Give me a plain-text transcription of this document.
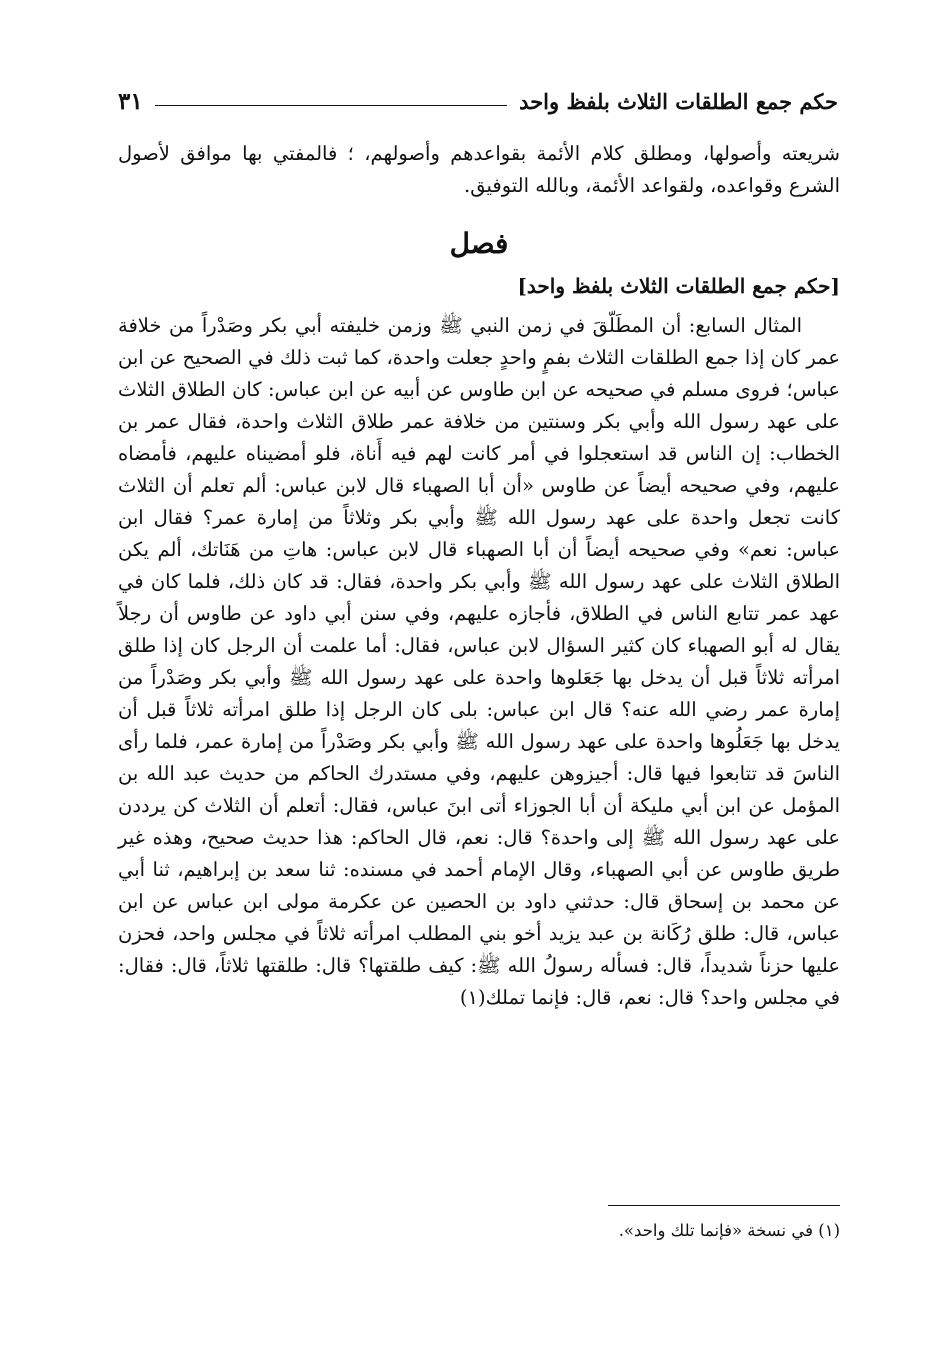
حكم جمع الطلقات الثلاث بلفظ واحد
٣١

شريعته وأصولها، ومطلق كلام الأئمة بقواعدهم وأصولهم، ؛ فالمفتي بها موافق لأصول الشرع وقواعده، ولقواعد الأئمة، وبالله التوفيق.

فصل
[حكم جمع الطلقات الثلاث بلفظ واحد]

المثال السابع: أن المطَلّقَ في زمن النبي ﷺ وزمن خليفته أبي بكر وصَدْراً من خلافة عمر كان إذا جمع الطلقات الثلاث بفمٍ واحدٍ جعلت واحدة، كما ثبت ذلك في الصحيح عن ابن عباس؛ فروى مسلم في صحيحه عن ابن طاوس عن أبيه عن ابن عباس: كان الطلاق الثلاث على عهد رسول الله وأبي بكر وسنتين من خلافة عمر طلاق الثلاث واحدة، فقال عمر بن الخطاب: إن الناس قد استعجلوا في أمر كانت لهم فيه أَناة، فلو أمضيناه عليهم، فأمضاه عليهم، وفي صحيحه أيضاً عن طاوس «أن أبا الصهباء قال لابن عباس: ألم تعلم أن الثلاث كانت تجعل واحدة على عهد رسول الله ﷺ وأبي بكر وثلاثاً من إمارة عمر؟ فقال ابن عباس: نعم» وفي صحيحه أيضاً أن أبا الصهباء قال لابن عباس: هاتِ من هَنَاتك، ألم يكن الطلاق الثلاث على عهد رسول الله ﷺ وأبي بكر واحدة، فقال: قد كان ذلك، فلما كان في عهد عمر تتابع الناس في الطلاق، فأجازه عليهم، وفي سنن أبي داود عن طاوس أن رجلاً يقال له أبو الصهباء كان كثير السؤال لابن عباس، فقال: أما علمت أن الرجل كان إذا طلق امرأته ثلاثاً قبل أن يدخل بها جَعَلوها واحدة على عهد رسول الله ﷺ وأبي بكر وصَدْراً من إمارة عمر رضي الله عنه؟ قال ابن عباس: بلى كان الرجل إذا طلق امرأته ثلاثاً قبل أن يدخل بها جَعَلُوها واحدة على عهد رسول الله ﷺ وأبي بكر وصَدْراً من إمارة عمر، فلما رأى الناسَ قد تتابعوا فيها قال: أجيزوهن عليهم، وفي مستدرك الحاكم من حديث عبد الله بن المؤمل عن ابن أبي مليكة أن أبا الجوزاء أتى ابنَ عباس، فقال: أتعلم أن الثلاث كن يرددن على عهد رسول الله ﷺ إلى واحدة؟ قال: نعم، قال الحاكم: هذا حديث صحيح، وهذه غير طريق طاوس عن أبي الصهباء، وقال الإمام أحمد في مسنده: ثنا سعد بن إبراهيم، ثنا أبي عن محمد بن إسحاق قال: حدثني داود بن الحصين عن عكرمة مولى ابن عباس عن ابن عباس، قال: طلق رُكَانة بن عبد يزيد أخو بني المطلب امرأته ثلاثاً في مجلس واحد، فحزن عليها حزناً شديداً، قال: فسأله رسولُ الله ﷺ: كيف طلقتها؟ قال: طلقتها ثلاثاً، قال: فقال: في مجلس واحد؟ قال: نعم، قال: فإنما تملك(١)

(١) في نسخة «فإنما تلك واحد».
